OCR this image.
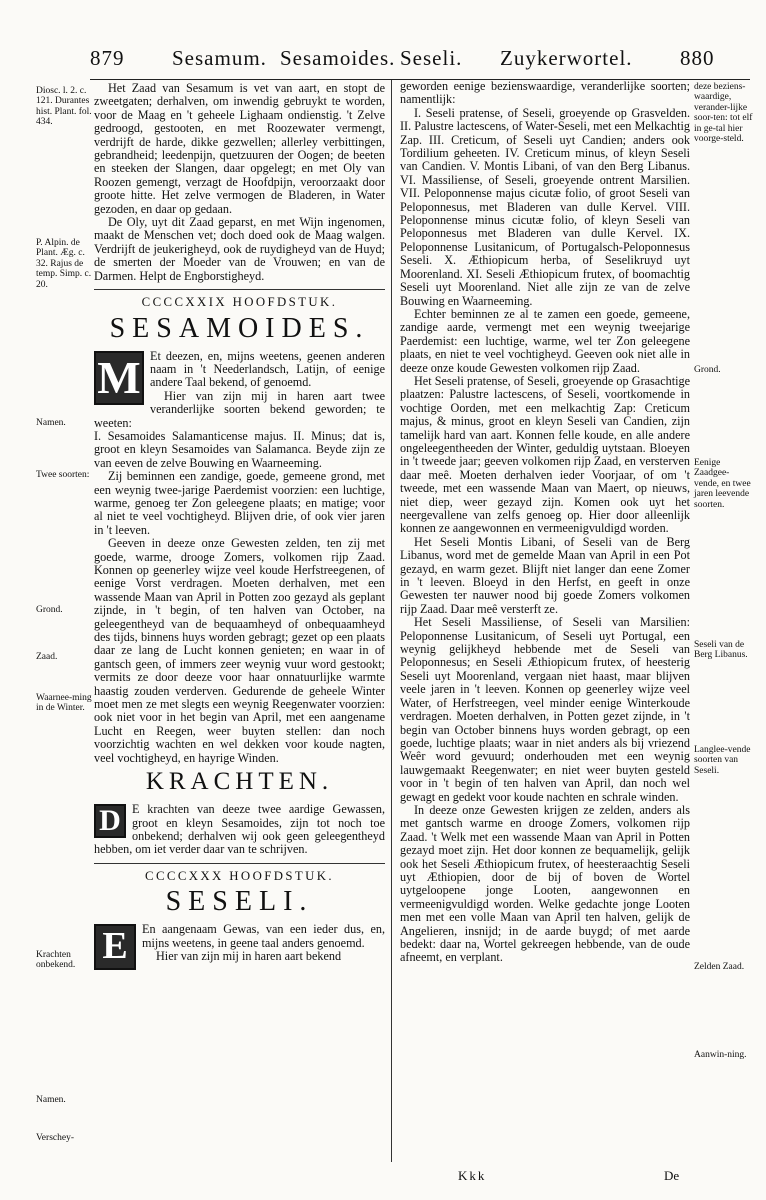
879 Sesamum. Sesamoides. Seseli. Zuykerwortel. 880
Diosc. l. 2. c. 121. Durantes hist. Plant. fol. 434.
P. Alpin. de Plant. Æg. c. 32. Rajus de temp. Simp. c. 20.
Namen.
Twee soorten:
Grond.
Zaad.
Waarnee-ming in de Winter.
Krachten onbekend.
Namen.
Verschey-

Het Zaad van Sesamum is vet van aart, en stopt de zweetgaten; derhalven, om inwendig gebruykt te worden, voor de Maag en 't geheele Lighaam ondienstig. 't Zelve gedroogd, gestooten, en met Roozewater vermengt, verdrijft de harde, dikke gezwellen; allerley verbittingen, gebrandheid; leedenpijn, quetzuuren der Oogen; de beeten en steeken der Slangen, daar opgelegt; en met Oly van Roozen gemengt, verzagt de Hoofdpijn, veroorzaakt door groote hitte. Het zelve vermogen de Bladeren, in Water gezoden, en daar op gedaan.

De Oly, uyt dit Zaad geparst, en met Wijn ingenomen, maakt de Menschen vet; doch doed ook de Maag walgen. Verdrijft de jeukerigheyd, ook de ruydigheyd van de Huyd; de smerten der Moeder van de Vrouwen; en van de Darmen. Helpt de Engborstigheyd.

CCCCXXIX HOOFDSTUK.
SESAMOIDES.

M Et deezen, en, mijns weetens, geenen anderen naam in 't Neederlandsch, Latijn, of eenige andere Taal bekend, of genoemd.

Hier van zijn mij in haren aart twee veranderlijke soorten bekend geworden; te weeten:

I. Sesamoides Salamanticense majus. II. Minus; dat is, groot en kleyn Sesamoides van Salamanca. Beyde zijn ze van eeven de zelve Bouwing en Waarneeming.

Zij beminnen een zandige, goede, gemeene grond, met een weynig twee-jarige Paerdemist voorzien: een luchtige, warme, genoeg ter Zon geleegene plaats; en matige; voor al niet te veel vochtigheyd. Blijven drie, of ook vier jaren in 't leeven.

Geeven in deeze onze Gewesten zelden, ten zij met goede, warme, drooge Zomers, volkomen rijp Zaad. Konnen op geenerley wijze veel koude Herfstreegenen, of eenige Vorst verdragen. Moeten derhalven, met een wassende Maan van April in Potten zoo gezayd als geplant zijnde, in 't begin, of ten halven van October, na geleegentheyd van de bequaamheyd of onbequaamheyd des tijds, binnens huys worden gebragt; gezet op een plaats daar ze lang de Lucht konnen genieten; en waar in of gantsch geen, of immers zeer weynig vuur word gestookt; vermits ze door deeze voor haar onnatuurlijke warmte haastig zouden verderven. Gedurende de geheele Winter moet men ze met slegts een weynig Reegenwater voorzien: ook niet voor in het begin van April, met een aangename Lucht en Reegen, weer buyten stellen: dan noch voorzichtig wachten en wel dekken voor koude nagten, veel vochtigheyd, en hayrige Winden.

KRACHTEN.

D E krachten van deeze twee aardige Gewassen, groot en kleyn Sesamoides, zijn tot noch toe onbekend; derhalven wij ook geen geleegentheyd hebben, om iet verder daar van te schrijven.

CCCCXXX HOOFDSTUK.
SESELI.

E	En aangenaam Gewas, van een ieder dus, en, mijns weetens, in geene taal anders genoemd.

Hier van zijn mij in haren aart bekend

geworden eenige bezienswaardige, veranderlijke soorten; namentlijk:

I. Seseli pratense, of Seseli, groeyende op Grasvelden. II. Palustre lactescens, of Water-Seseli, met een Melkachtig Zap. III. Creticum, of Seseli uyt Candien; anders ook Tordilium geheeten. IV. Creticum minus, of kleyn Seseli van Candien. V. Montis Libani, of van den Berg Libanus. VI. Massiliense, of Seseli, groeyende ontrent Marsilien. VII. Peloponnense majus cicutæ folio, of groot Seseli van Peloponnesus, met Bladeren van dulle Kervel. VIII. Peloponnense minus cicutæ folio, of kleyn Seseli van Peloponnesus met Bladeren van dulle Kervel. IX. Peloponnense Lusitanicum, of Portugalsch-Peloponnesus Seseli. X. Æthiopicum herba, of Seselikruyd uyt Moorenland. XI. Seseli Æthiopicum frutex, of boomachtig Seseli uyt Moorenland. Niet alle zijn ze van de zelve Bouwing en Waarneeming.

Echter beminnen ze al te zamen een goede, gemeene, zandige aarde, vermengt met een weynig tweejarige Paerdemist: een luchtige, warme, wel ter Zon geleegene plaats, en niet te veel vochtigheyd. Geeven ook niet alle in deeze onze koude Gewesten volkomen rijp Zaad.

Het Seseli pratense, of Seseli, groeyende op Grasachtige plaatzen: Palustre lactescens, of Seseli, voortkomende in vochtige Oorden, met een melkachtig Zap: Creticum majus, & minus, groot en kleyn Seseli van Candien, zijn tamelijk hard van aart. Konnen felle koude, en alle andere ongeleegentheeden der Winter, geduldig uytstaan. Bloeyen in 't tweede jaar; geeven volkomen rijp Zaad, en versterven daar meê. Moeten derhalven ieder Voorjaar, of om 't tweede, met een wassende Maan van Maert, op nieuws, niet diep, weer gezayd zijn. Komen ook uyt het neergevallene van zelfs genoeg op. Hier door alleenlijk konnen ze aangewonnen en vermeenigvuldigd worden.

Het Seseli Montis Libani, of Seseli van de Berg Libanus, word met de gemelde Maan van April in een Pot gezayd, en warm gezet. Blijft niet langer dan eene Zomer in 't leeven. Bloeyd in den Herfst, en geeft in onze Gewesten ter nauwer nood bij goede Zomers volkomen rijp Zaad. Daar meê versterft ze.

Het Seseli Massiliense, of Seseli van Marsilien: Peloponnense Lusitanicum, of Seseli uyt Portugal, een weynig gelijkheyd hebbende met de Seseli van Peloponnesus; en Seseli Æthiopicum frutex, of heesterig Seseli uyt Moorenland, vergaan niet haast, maar blijven veele jaren in 't leeven. Konnen op geenerley wijze veel Water, of Herfstreegen, veel minder eenige Winterkoude verdragen. Moeten derhalven, in Potten gezet zijnde, in 't begin van October binnens huys worden gebragt, op een goede, luchtige plaats; waar in niet anders als bij vriezend Weêr word gevuurd; onderhouden met een weynig lauwgemaakt Reegenwater; en niet weer buyten gesteld voor in 't begin of ten halven van April, dan noch wel gewagt en gedekt voor koude nachten en schrale winden.

In deeze onze Gewesten krijgen ze zelden, anders als met gantsch warme en drooge Zomers, volkomen rijp Zaad. 't Welk met een wassende Maan van April in Potten gezayd moet zijn. Het door konnen ze bequamelijk, gelijk ook het Seseli Æthiopicum frutex, of heesteraachtig Seseli uyt Æthiopien, door de bij of boven de Wortel uytgeloopene jonge Looten, aangewonnen en vermeenigvuldigd worden. Welke gedachte jonge Looten men met een volle Maan van April ten halven, gelijk de Angelieren, insnijd; in de aarde buygd; of met aarde bedekt: daar na, Wortel gekreegen hebbende, van de oude afneemt, en verplant.

deze beziens-waardige, verander-lijke soor-ten: tot elf in ge-tal hier voorge-steld.
Grond.
Eenige Zaadgee-vende, en twee jaren leevende soorten.
Seseli van de Berg Libanus.
Langlee-vende soorten van Seseli.
Zelden Zaad.
Aanwin-ning.
Kkk	De
